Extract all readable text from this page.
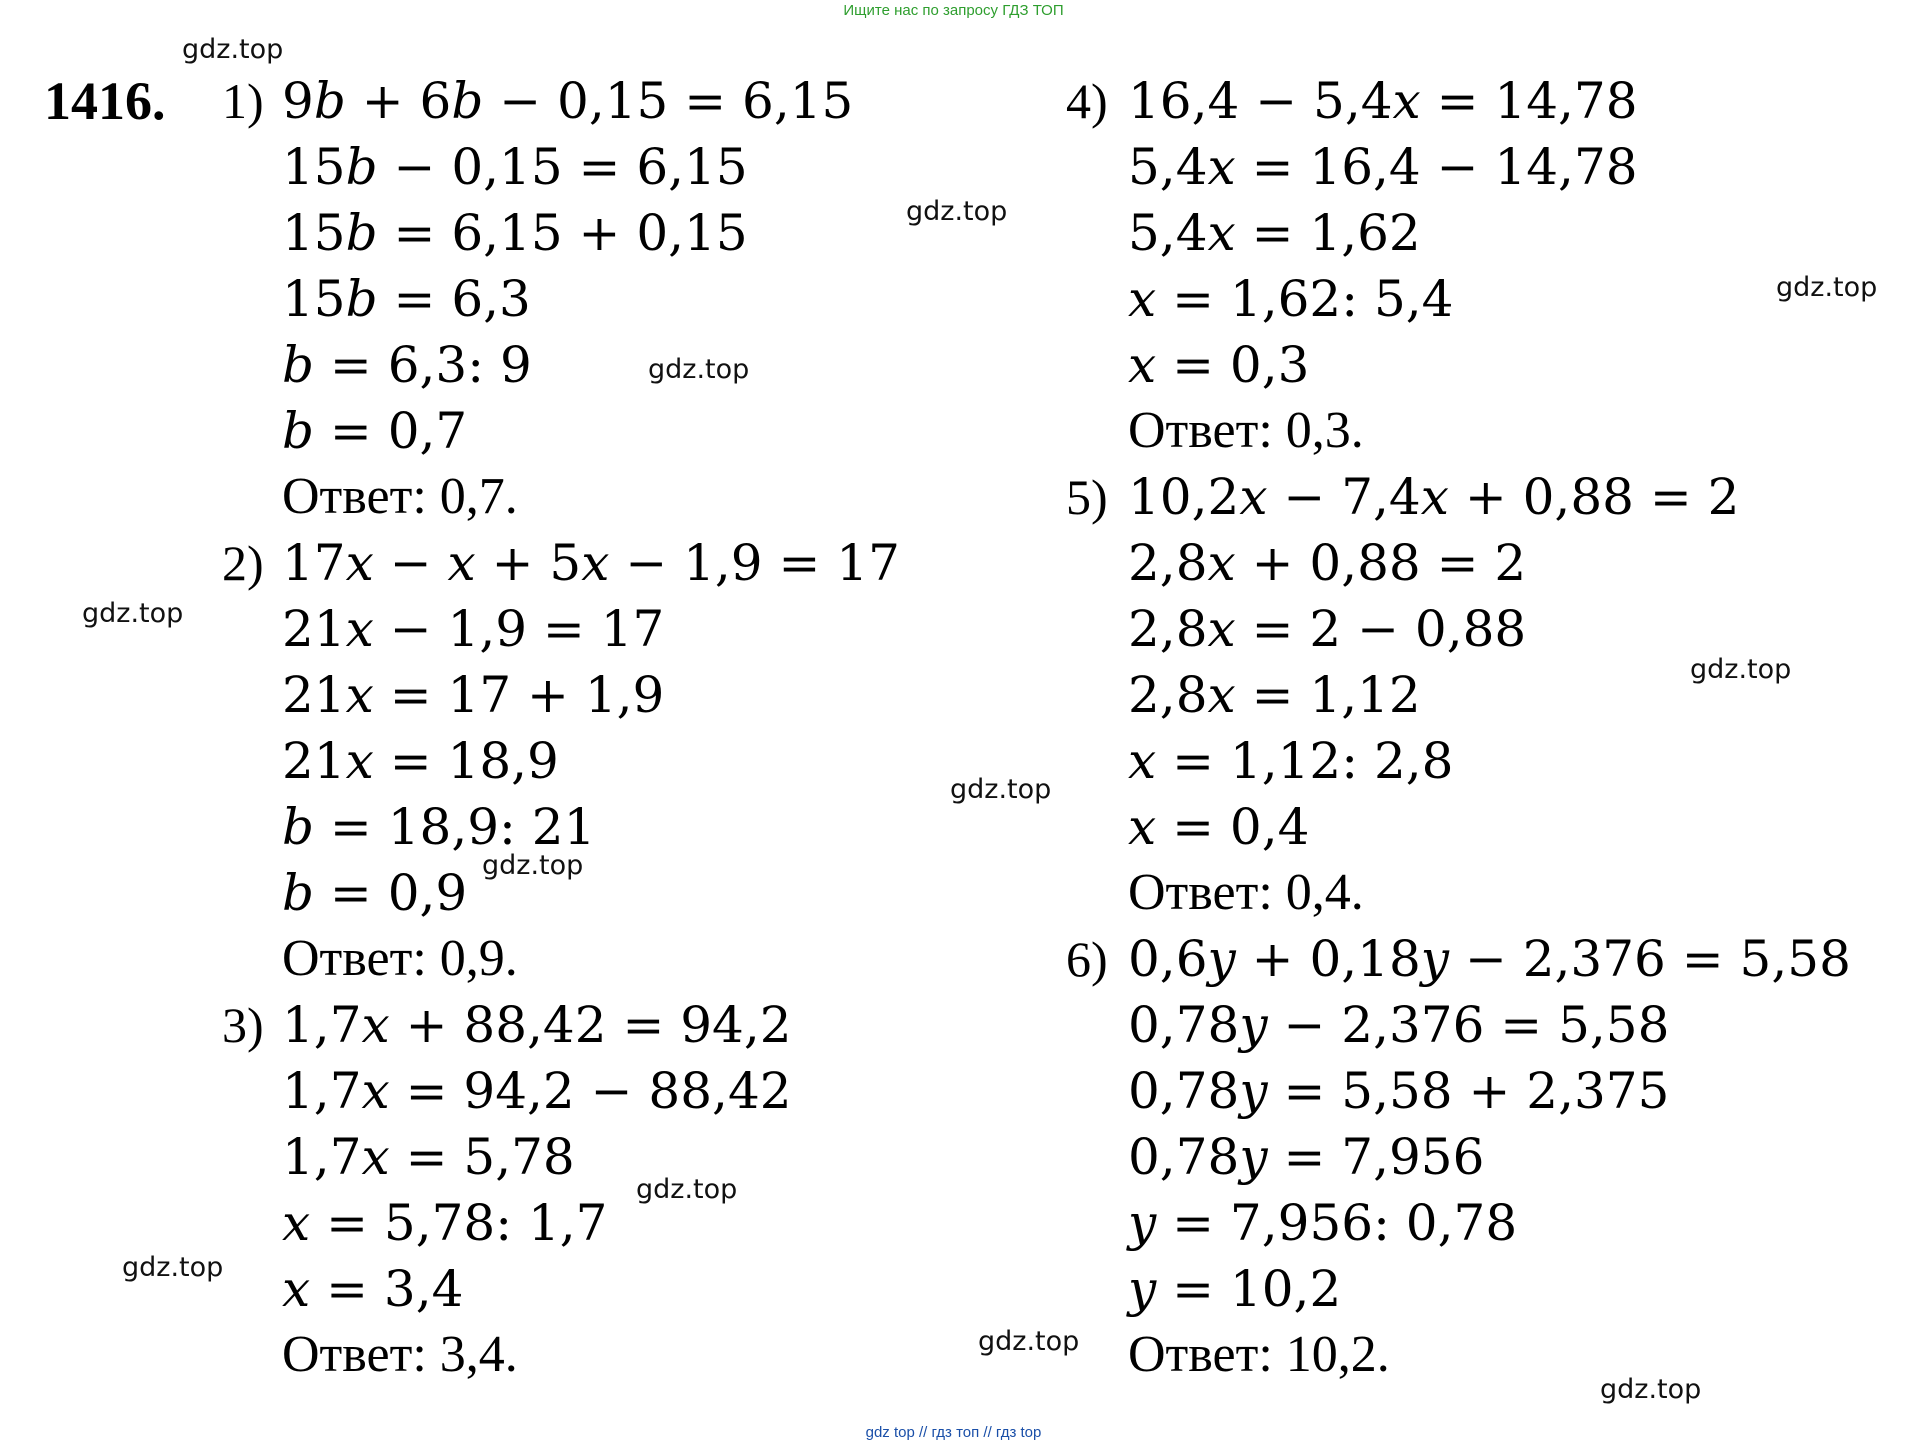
Ищите нас по запросу ГДЗ ТОП
1416. 1) 9b + 6b − 0,15 = 6,15
15b − 0,15 = 6,15
15b = 6,15 + 0,15
15b = 6,3
b = 6,3: 9
b = 0,7
Ответ: 0,7.
2) 17x − x + 5x − 1,9 = 17
21x − 1,9 = 17
21x = 17 + 1,9
21x = 18,9
b = 18,9: 21
b = 0,9
Ответ: 0,9.
3) 1,7x + 88,42 = 94,2
1,7x = 94,2 − 88,42
1,7x = 5,78
x = 5,78: 1,7
x = 3,4
Ответ: 3,4.
4) 16,4 − 5,4x = 14,78
5,4x = 16,4 − 14,78
5,4x = 1,62
x = 1,62: 5,4
x = 0,3
Ответ: 0,3.
5) 10,2x − 7,4x + 0,88 = 2
2,8x + 0,88 = 2
2,8x = 2 − 0,88
2,8x = 1,12
x = 1,12: 2,8
x = 0,4
Ответ: 0,4.
6) 0,6y + 0,18y − 2,376 = 5,58
0,78y − 2,376 = 5,58
0,78y = 5,58 + 2,375
0,78y = 7,956
y = 7,956: 0,78
y = 10,2
Ответ: 10,2.
gdz.top
gdz.top
gdz.top
gdz.top
gdz.top
gdz.top
gdz.top
gdz.top
gdz.top
gdz.top
gdz.top
gdz.top
gdz top // гдз топ // гдз top
